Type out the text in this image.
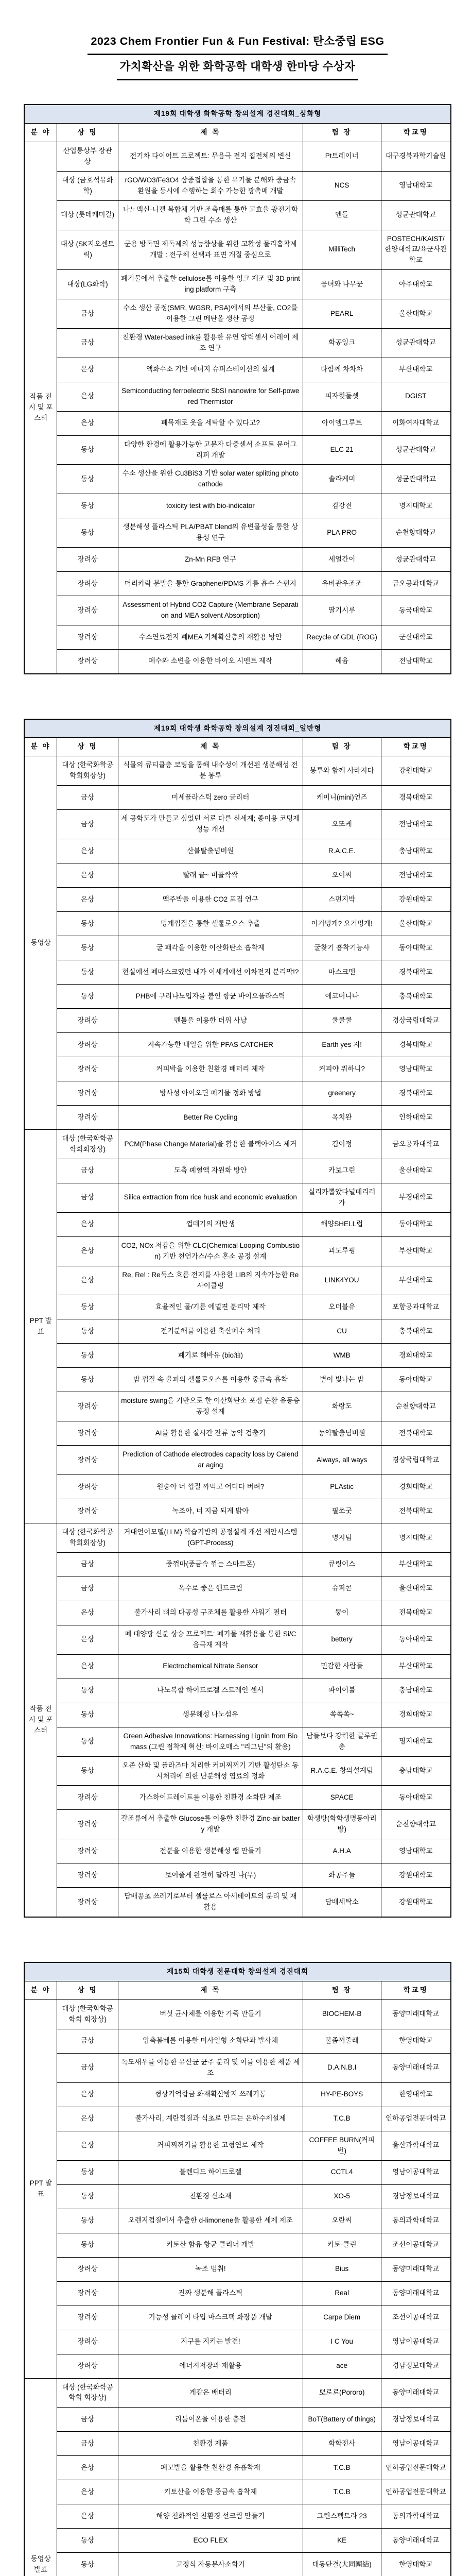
2023 Chem Frontier Fun & Fun Festival: 탄소중립 ESG
가치확산을 위한 화학공학 대학생 한마당 수상자
제19회 대학생 화학공학 창의설계 경진대회_심화형				
분 야	상 명	제 목	팀 장	학교명
작품 전시 및 포스터	산업통상부 장관상	전기차 다이어트 프로젝트: 무음극 전지 집전체의 변신	Pt트레이너	대구경북과학기술원
	대상 (금호석유화학)	rGO/WO3/Fe3O4 삼중접합을 통한 유기물 분해와 중금속 환원을 동시에 수행하는 회수 가능한 광촉매 개발	NCS	영남대학교
	대상 (롯데케미칼)	나노멕신-니켈 복합체 기반 조촉매를 통한 고효율 광전기화학 그린 수소 생산	엔들	성균관대학교
	대상 (SK지오센트릭)	군용 방독면 제독제의 성능향상을 위한 고활성 물리흡착제 개발 : 전구체 선택과 표면 개질 중심으로	MilliTech	POSTECH/KAIST/한양대학교/육군사관학교
	대상(LG화학)	폐기물에서 추출한 cellulose를 이용한 잉크 제조 및 3D printing platform 구축	웅녀와 나무꾼	아주대학교
	금상	수소 생산 공정(SMR, WGSR, PSA)에서의 부산물, CO2를 이용한 그린 메탄올 생산 공정	PEARL	울산대학교
	금상	친환경 Water-based ink를 활용한 유연 압력센서 어레이 제조 연구	화공잉크	성균관대학교
	은상	액화수소 기반 에너지 슈퍼스테이션의 설계	다함께 차차차	부산대학교
	은상	Semiconducting ferroelectric SbSI nanowire for Self-powered Thermistor	피자헛둘셋	DGIST
	은상	폐목재로 옷을 세탁할 수 있다고?	아이엠그루트	이화여자대학교
	동상	다양한 환경에 활용가능한 고분자 다중센서 소프트 문어그리퍼 개발	ELC 21	성균관대학교
	동상	수소 생산을 위한 Cu3BiS3 기반 solar water splitting photocathode	솔라케미	성균관대학교
	동상	toxicity test with bio-indicator	김강전	명지대학교
	동상	생분해성 플라스틱 PLA/PBAT blend의 유변물성을 통한 상용성 연구	PLA PRO	순천향대학교
	장려상	Zn-Mn RFB 연구	세얼간이	성균관대학교
	장려상	머리카락 분말을 통한 Graphene/PDMS 기름 흡수 스펀지	유비관우조조	금오공과대학교
	장려상	Assessment of Hybrid CO2 Capture (Membrane Separation and MEA solvent Absorption)	딸기시루	동국대학교
	장려상	수소연료전지 폐MEA 기체확산층의 재활용 방안	Recycle of GDL (ROG)	군산대학교
	장려상	폐수와 소변을 이용한 바이오 시멘트 제작	헤윰	전남대학교
제19회 대학생 화학공학 창의설계 경진대회_일반형				
분 야	상 명	제 목	팀 장	학교명
동영상	대상 (한국화학공학회회장상)	식물의 큐티클층 코팅을 통해 내수성이 개선된 생분해성 전분 봉투	봉투와 함께 사라지다	강원대학교
	금상	미세플라스틱 zero 글리터	케미니(mini)언즈	경북대학교
	금상	세 공학도가 만들고 싶었던 서로 다른 신세계; 종이용 코팅제 성능 개선	오또케	전남대학교
	은상	산불탈출넘버원	R.A.C.E.	충남대학교
	은상	빨래 끝~ 미플싹싹	오이씨	전남대학교
	은상	맥주박을 이용한 CO2 포집 연구	스펀지박	강원대학교
	동상	멍게껍질을 통한 셀룰로오스 추출	이거멍게? 요거멍게!	울산대학교
	동상	굴 패각을 이용한 이산화탄소 흡착제	굴찾기 흡착기능사	동아대학교
	동상	현실에선 폐마스크였던 내가 이세계에선 이차전지 분리막!?	마스크맨	경북대학교
	동상	PHB에 구리나노입자를 붙인 항균 바이오플라스틱	에코머니나	충북대학교
	장려상	멘톨을 이용한 더위 사냥	쿨쿨쿨	경상국립대학교
	장려상	지속가능한 내일을 위한 PFAS CATCHER	Earth yes 지!	경북대학교
	장려상	커피박을 이용한 친환경 배터리 제작	커피야 뭐하니?	영남대학교
	장려상	방사성 아이오딘 폐기물 정화 방법	greenery	경북대학교
	장려상	Better Re Cycling	옥치완	인하대학교
PPT 발표	대상 (한국화학공학회회장상)	PCM(Phase Change Material)을 활용한 블랙아이스 제거	김이정	금오공과대학교
	금상	도축 폐혈액 자원화 방안	카보그린	울산대학교
	금상	Silica extraction from rice husk and economic evaluation	실리카뽑았다널데리러가	부경대학교
	은상	껍데기의 재탄생	해양SHELL럽	동아대학교
	은상	CO2, NOx 저감을 위한 CLC(Chemical Looping Combustion) 기반 천연가스/수소 혼소 공정 설계	괴도루핑	부산대학교
	은상	Re, Re! : Re독스 흐름 전지를 사용한 LIB의 지속가능한 Re사이클링	LINK4YOU	부산대학교
	동상	효율적인 물/기름 에멀젼 분리막 제작	오더블유	포항공과대학교
	동상	전기분해를 이용한 축산폐수 처리	CU	충북대학교
	동상	폐기로 해바유 (bio油)	WMB	경희대학교
	동상	밤 껍질 속 율피의 셀룰로오스를 이용한 중금속 흡착	별이 빛나는 밤	동아대학교
	장려상	moisture swing을 기반으로 한 이산화탄소 포집 순환 유동층 공정 설계	화랑도	순천향대학교
	장려상	AI를 활용한 실시간 잔류 농약 검출기	농약탈출넘버원	전북대학교
	장려상	Prediction of Cathode electrodes capacity loss by Calendar aging	Always, all ways	경상국립대학교
	장려상	원숭아 너 껍질 까먹고 어디다 버려?	PLAstic	경희대학교
	장려상	녹조야, 너 지금 되게 밝아	필쏘굿	전북대학교
작품 전시 및 포스터	대상 (한국화학공학회회장상)	거대언어모델(LLM) 학습기반의 공정설계 개선 제안시스템(GPT-Process)	명지팀	명지대학교
	금상	중꺾마(중금속 꺾는 스마트폰)	큐링어스	부산대학교
	금상	옥수로 좋은 핸드크림	슈퍼콘	울산대학교
	은상	불가사리 뼈의 다공성 구조체를 활용한 샤워기 필터	뚱이	전북대학교
	은상	폐 태양광 신분 상승 프로젝트: 폐기물 재활용을 통한 Si/C 음극재 제작	bettery	동아대학교
	은상	Electrochemical Nitrate Sensor	민감한 사람들	부산대학교
	동상	나노복합 하이드로겔 스트레인 센서	파이어볼	충남대학교
	동상	생분해성 나노섬유	쏙쏙쏙~	경희대학교
	동상	Green Adhesive Innovations: Harnessing Lignin from Biomass (그린 점착제 혁신: 바이오매스 "리그닌"의 활용)	남들보다 강력한 글루권총	명지대학교
	동상	오존 산화 및 플라즈마 처리한 커피찌꺼기 기반 활성탄소 동시처리에 의한 난분해성 염료의 정화	R.A.C.E. 창의설계팀	충남대학교
	장려상	가스하이드레이트를 이용한 친환경 소화탄 제조	SPACE	동아대학교
	장려상	갈조류에서 추출한 Glucose를 이용한 친환경 Zinc-air battery 개발	화생방(화학생명동아리방)	순천향대학교
	장려상	전분을 이용한 생분해성 랩 만들기	A.H.A	영남대학교
	장려상	보여줄게 완전히 달라진 나(무)	화공주들	강원대학교
	장려상	담배꽁초 쓰레기로부터 셀룰로스 아세테이트의 분리 및 재활용	담배세탁소	강원대학교
제15회 대학생 전문대학 창의설계 경진대회				
분 야	상 명	제 목	팀 장	학교명
PPT 발표	대상 (한국화학공학회 회장상)	버섯 균사체를 이용한 가죽 만들기	BIOCHEM-B	동양미래대학교
	금상	압축봄베를 이용한 미사일형 소화탄과 발사체	불좀꺼줄래	한영대학교
	금상	독도새우를 이용한 유산균 균주 분리 및 이를 이용한 제품 제조	D.A.N.B.I	동양미래대학교
	은상	형상기억합금 화재확산방지 쓰레기통	HY-PE-BOYS	한영대학교
	은상	불가사리, 계란껍질과 식초로 만드는 은하수제설제	T.C.B	인하공업전문대학교
	은상	커피찌꺼기를 활용한 고형연로 제작	COFFEE BURN(커피번)	울산과학대학교
	동상	블렌디드 하이드로젤	CCTL4	영남이공대학교
	동상	친환경 신소재	XO-5	경남정보대학교
	동상	오렌지껍질에서 추출한 d-limonene을 활용한 세제 제조	오란씨	동의과학대학교
	동상	키토산 함유 항균 클리너 개발	키토-클린	조선이공대학교
	장려상	녹조 멈춰!	Bius	동양미래대학교
	장려상	진짜 생분해 플라스틱	Real	동양미래대학교
	장려상	기능성 클레이 타입 마스크팩 화장품 개발	Carpe Diem	조선이공대학교
	장려상	지구를 지키는 발견!	I C You	영남이공대학교
	장려상	에너지저장과 재활용	ace	경남정보대학교
동영상 발표	대상 (한국화학공학회 회장상)	게같은 배터리	뽀로로(Pororo)	동양미래대학교
	금상	리튬이온을 이용한 충전	BoT(Battery of things)	경남정보대학교
	금상	친환경 제품	화학전사	영남이공대학교
	은상	폐모발을 활용한 친환경 유흡착재	T.C.B	인하공업전문대학교
	은상	키토산을 이용한 중금속 흡착제	T.C.B	인하공업전문대학교
	은상	해양 친화적인 친환경 선크림 만들기	그린스펙트라 23	동의과학대학교
	동상	ECO FLEX	KE	동양미래대학교
	동상	고정식 자동분사소화기	대동단결(大同團結)	한영대학교
